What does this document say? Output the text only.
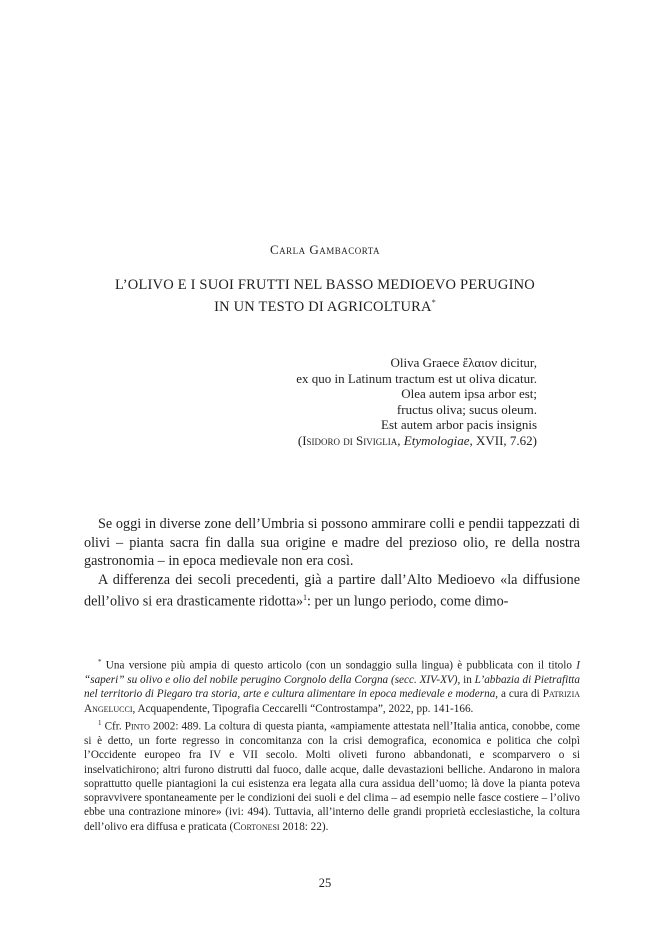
Carla Gambacorta
L’OLIVO E I SUOI FRUTTI NEL BASSO MEDIOEVO PERUGINO
IN UN TESTO DI AGRICOLTURA*
Oliva Graece ἔλαιον dicitur,
ex quo in Latinum tractum est ut oliva dicatur.
Olea autem ipsa arbor est;
fructus oliva; sucus oleum.
Est autem arbor pacis insignis
(Isidoro di Siviglia, Etymologiae, XVII, 7.62)

Se oggi in diverse zone dell’Umbria si possono ammirare colli e pendii tappezzati di olivi – pianta sacra fin dalla sua origine e madre del prezioso olio, re della nostra gastronomia – in epoca medievale non era così.

A differenza dei secoli precedenti, già a partire dall’Alto Medioevo «la diffusione dell’olivo si era drasticamente ridotta»$^1$: per un lungo periodo, come dimo-

* Una versione più ampia di questo articolo (con un sondaggio sulla lingua) è pubblicata con il titolo I “saperi” su olivo e olio del nobile perugino Corgnolo della Corgna (secc. XIV-XV), in L’abbazia di Pietrafitta nel territorio di Piegaro tra storia, arte e cultura alimentare in epoca medievale e moderna, a cura di Patrizia Angelucci, Acquapendente, Tipografia Ceccarelli “Controstampa”, 2022, pp. 141-166.

$^1$ Cfr. Pinto 2002: 489. La coltura di questa pianta, «ampiamente attestata nell’Italia antica, conobbe, come si è detto, un forte regresso in concomitanza con la crisi demografica, economica e politica che colpì l’Occidente europeo fra IV e VII secolo. Molti oliveti furono abbandonati, e scomparvero o si inselvatichirono; altri furono distrutti dal fuoco, dalle acque, dalle devastazioni belliche. Andarono in malora soprattutto quelle piantagioni la cui esistenza era legata alla cura assidua dell’uomo; là dove la pianta poteva sopravvivere spontaneamente per le condizioni dei suoli e del clima – ad esempio nelle fasce costiere – l’olivo ebbe una contrazione minore» (ivi: 494). Tuttavia, all’interno delle grandi proprietà ecclesiastiche, la coltura dell’olivo era diffusa e praticata (Cortonesi 2018: 22).

25
